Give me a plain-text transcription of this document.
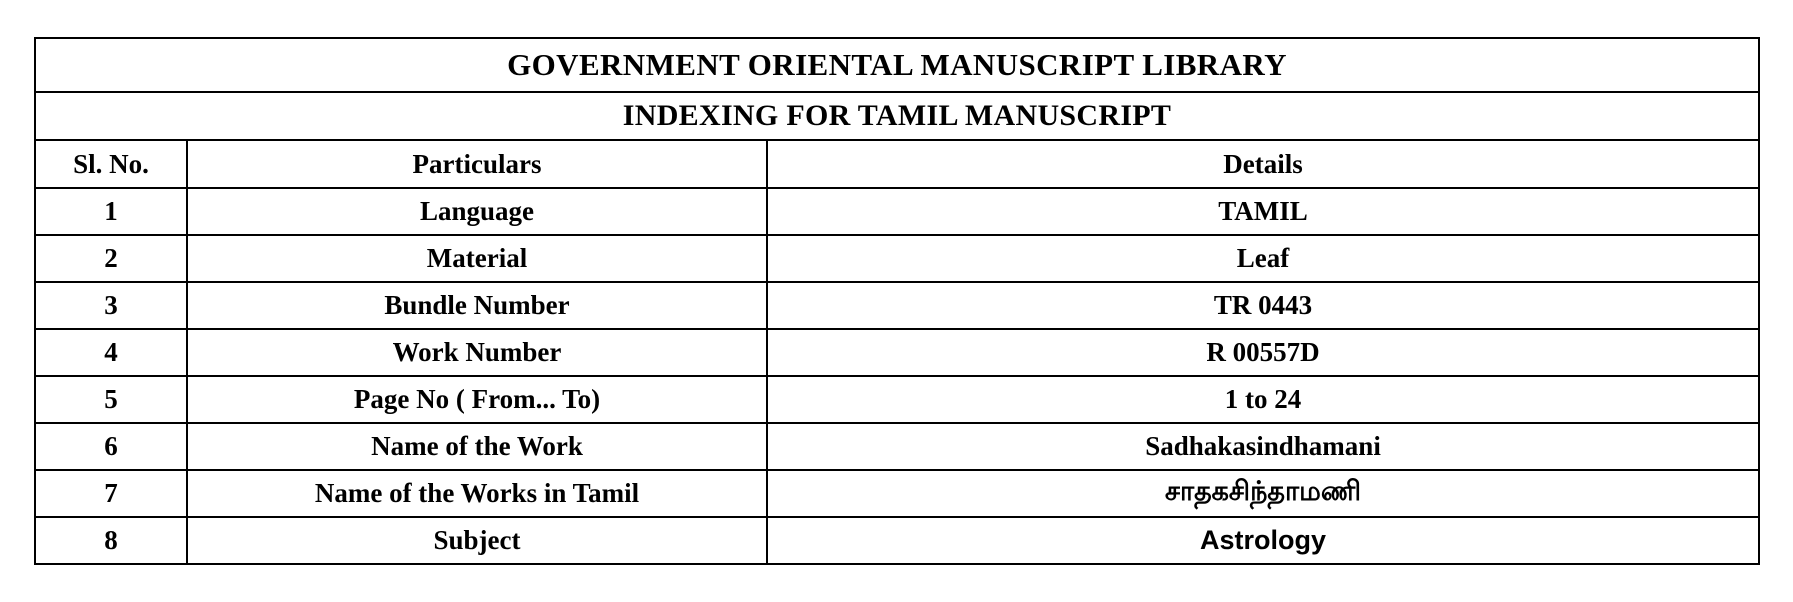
GOVERNMENT ORIENTAL MANUSCRIPT LIBRARY		
INDEXING FOR TAMIL MANUSCRIPT		
Sl. No.	Particulars	Details
1	Language	TAMIL
2	Material	Leaf
3	Bundle Number	TR 0443
4	Work Number	R 00557D
5	Page No ( From... To)	1 to 24
6	Name of the Work	Sadhakasindhamani
7	Name of the Works in Tamil	சாதகசிந்தாமணி
8	Subject	Astrology
